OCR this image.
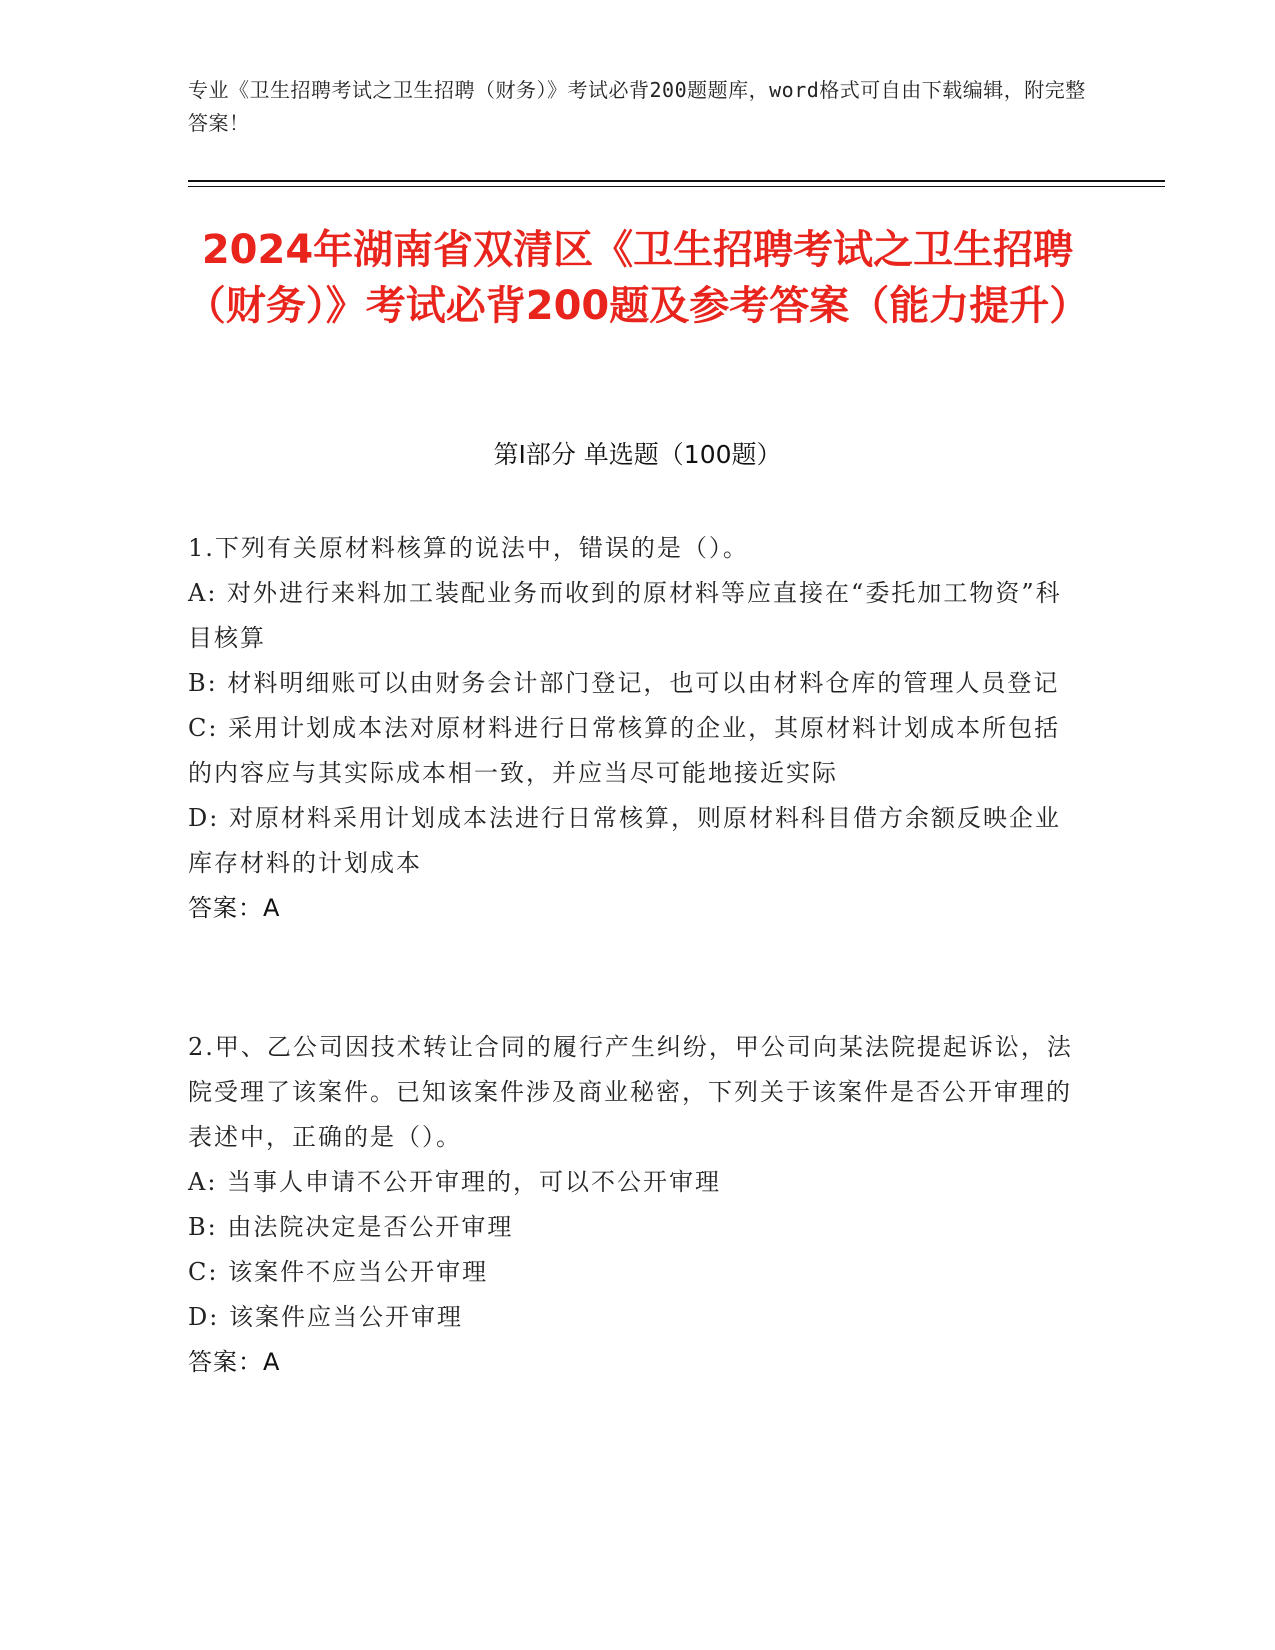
专业《卫生招聘考试之卫生招聘（财务）》考试必背200题题库，word格式可自由下载编辑，附完整答案！
2024年湖南省双清区《卫生招聘考试之卫生招聘（财务）》考试必背200题及参考答案（能力提升）
第I部分 单选题（100题）

1.下列有关原材料核算的说法中，错误的是（）。

A: 对外进行来料加工装配业务而收到的原材料等应直接在“委托加工物资”科目核算

B: 材料明细账可以由财务会计部门登记，也可以由材料仓库的管理人员登记

C: 采用计划成本法对原材料进行日常核算的企业，其原材料计划成本所包括的内容应与其实际成本相一致，并应当尽可能地接近实际

D: 对原材料采用计划成本法进行日常核算，则原材料科目借方余额反映企业库存材料的计划成本

答案：A

2.甲、乙公司因技术转让合同的履行产生纠纷，甲公司向某法院提起诉讼，法院受理了该案件。已知该案件涉及商业秘密，下列关于该案件是否公开审理的表述中，正确的是（）。

A: 当事人申请不公开审理的，可以不公开审理

B: 由法院决定是否公开审理

C: 该案件不应当公开审理

D: 该案件应当公开审理

答案：A
